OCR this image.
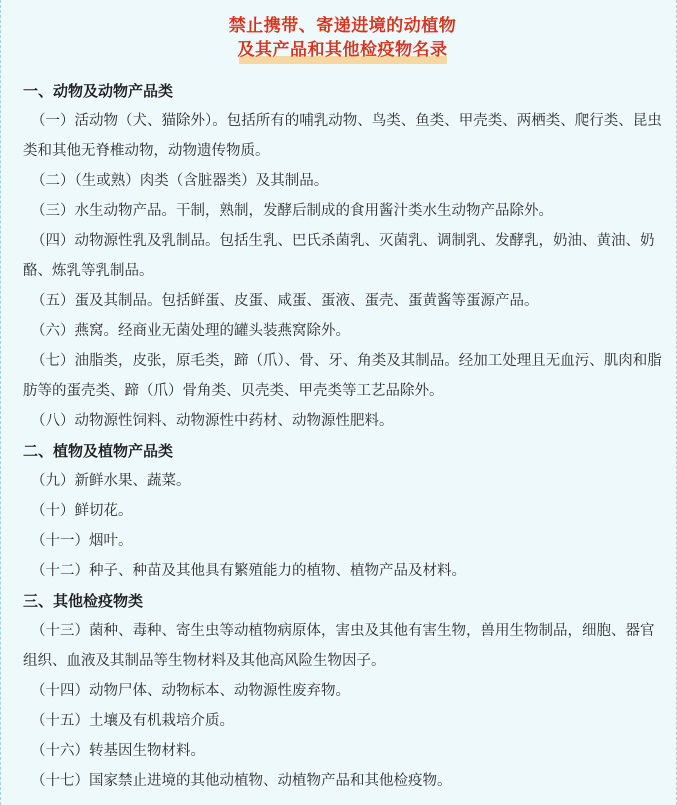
禁止携带、寄递进境的动植物
及其产品和其他检疫物名录
一、动物及动物产品类
（一）活动物（犬、猫除外）。包括所有的哺乳动物、鸟类、鱼类、甲壳类、两栖类、爬行类、昆虫类和其他无脊椎动物，动物遗传物质。
（二）（生或熟）肉类（含脏器类）及其制品。
（三）水生动物产品。干制，熟制，发酵后制成的食用酱汁类水生动物产品除外。
（四）动物源性乳及乳制品。包括生乳、巴氏杀菌乳、灭菌乳、调制乳、发酵乳，奶油、黄油、奶酪、炼乳等乳制品。
（五）蛋及其制品。包括鲜蛋、皮蛋、咸蛋、蛋液、蛋壳、蛋黄酱等蛋源产品。
（六）燕窝。经商业无菌处理的罐头装燕窝除外。
（七）油脂类，皮张，原毛类，蹄（爪）、骨、牙、角类及其制品。经加工处理且无血污、肌肉和脂肪等的蛋壳类、蹄（爪）骨角类、贝壳类、甲壳类等工艺品除外。
（八）动物源性饲料、动物源性中药材、动物源性肥料。
二、植物及植物产品类
（九）新鲜水果、蔬菜。
（十）鲜切花。
（十一）烟叶。
（十二）种子、种苗及其他具有繁殖能力的植物、植物产品及材料。
三、其他检疫物类
（十三）菌种、毒种、寄生虫等动植物病原体，害虫及其他有害生物，兽用生物制品，细胞、器官组织、血液及其制品等生物材料及其他高风险生物因子。
（十四）动物尸体、动物标本、动物源性废弃物。
（十五）土壤及有机栽培介质。
（十六）转基因生物材料。
（十七）国家禁止进境的其他动植物、动植物产品和其他检疫物。
